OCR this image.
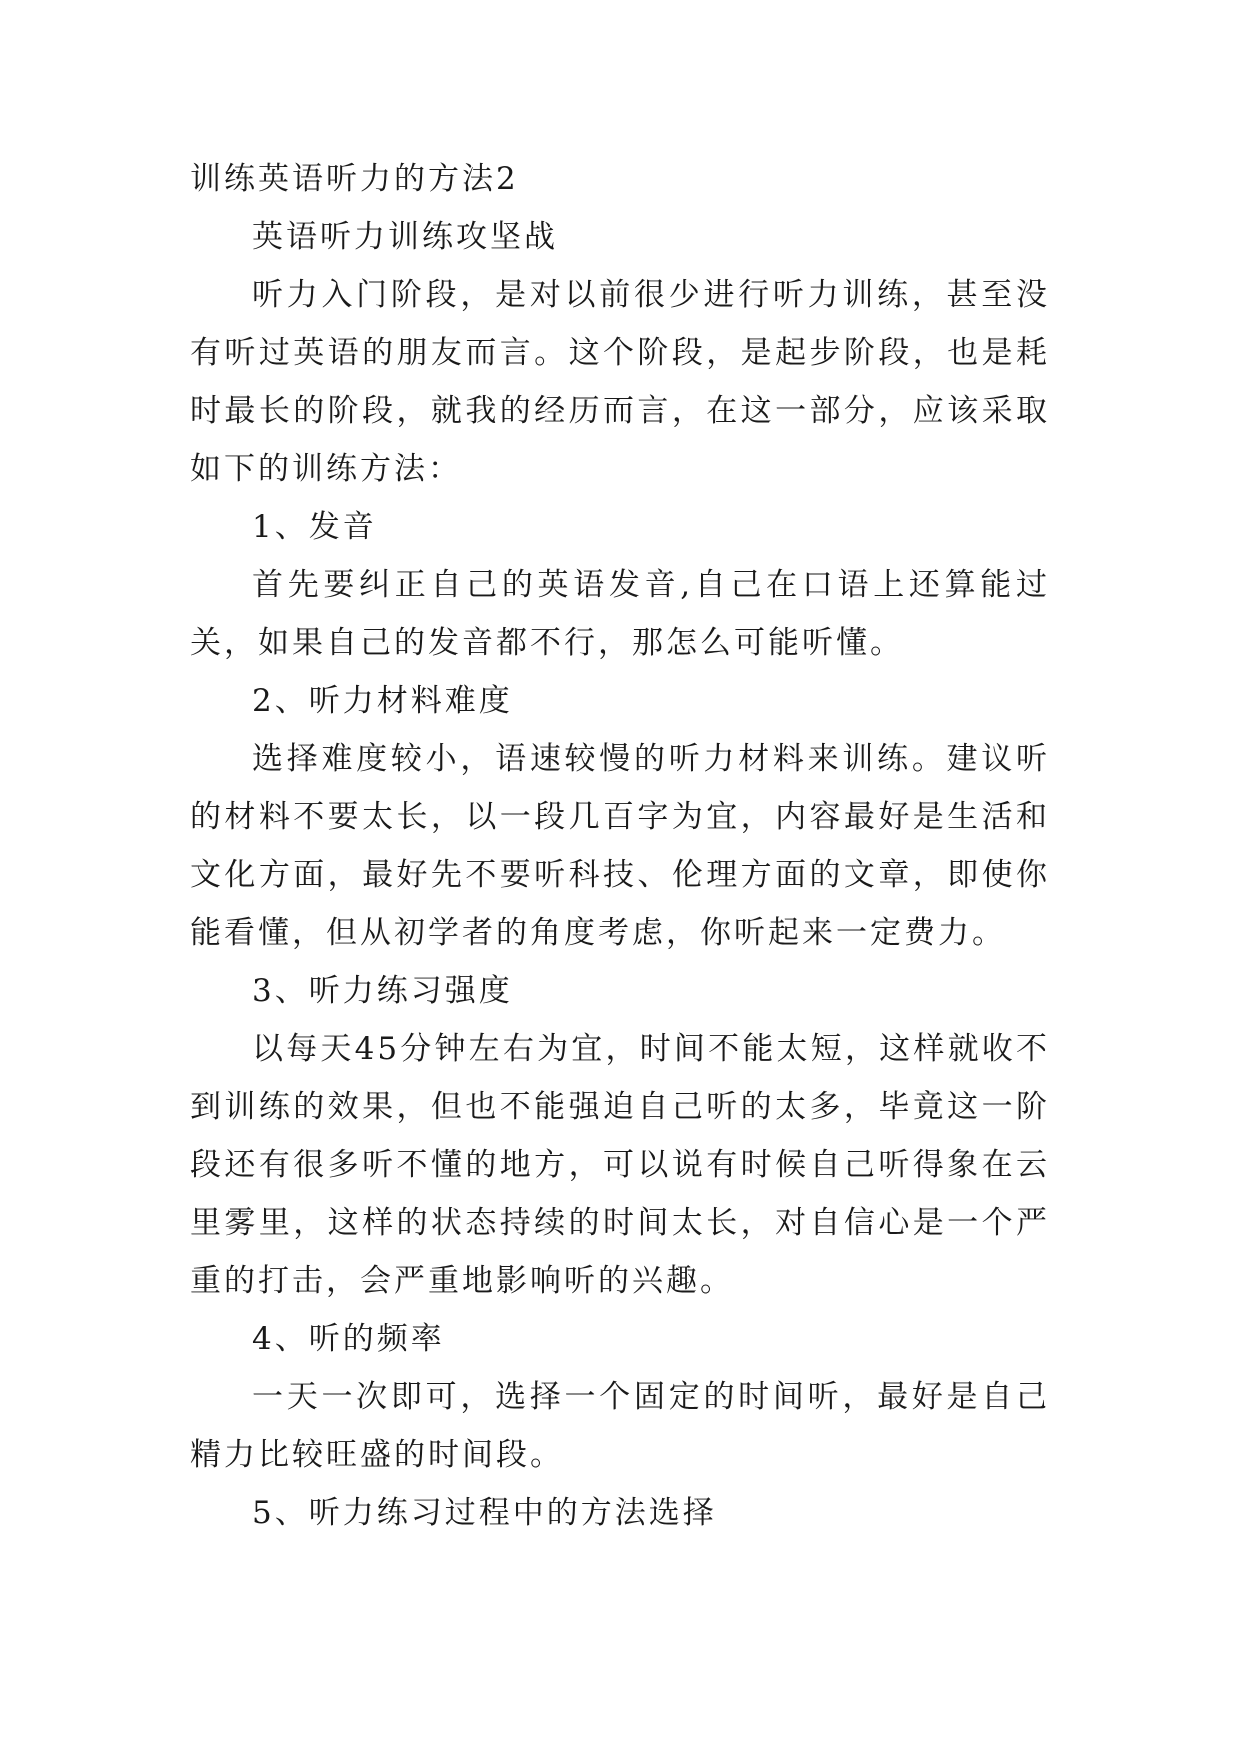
训练英语听力的方法2

英语听力训练攻坚战

听力入门阶段，是对以前很少进行听力训练，甚至没有听过英语的朋友而言。这个阶段，是起步阶段，也是耗时最长的阶段，就我的经历而言，在这一部分，应该采取如下的训练方法：

1、发音

首先要纠正自己的英语发音,自己在口语上还算能过关，如果自己的发音都不行，那怎么可能听懂。

2、听力材料难度

选择难度较小，语速较慢的听力材料来训练。建议听的材料不要太长，以一段几百字为宜，内容最好是生活和文化方面，最好先不要听科技、伦理方面的文章，即使你能看懂，但从初学者的角度考虑，你听起来一定费力。

3、听力练习强度

以每天45分钟左右为宜，时间不能太短，这样就收不到训练的效果，但也不能强迫自己听的太多，毕竟这一阶段还有很多听不懂的地方，可以说有时候自己听得象在云里雾里，这样的状态持续的时间太长，对自信心是一个严重的打击，会严重地影响听的兴趣。

4、听的频率

一天一次即可，选择一个固定的时间听，最好是自己精力比较旺盛的时间段。

5、听力练习过程中的方法选择
